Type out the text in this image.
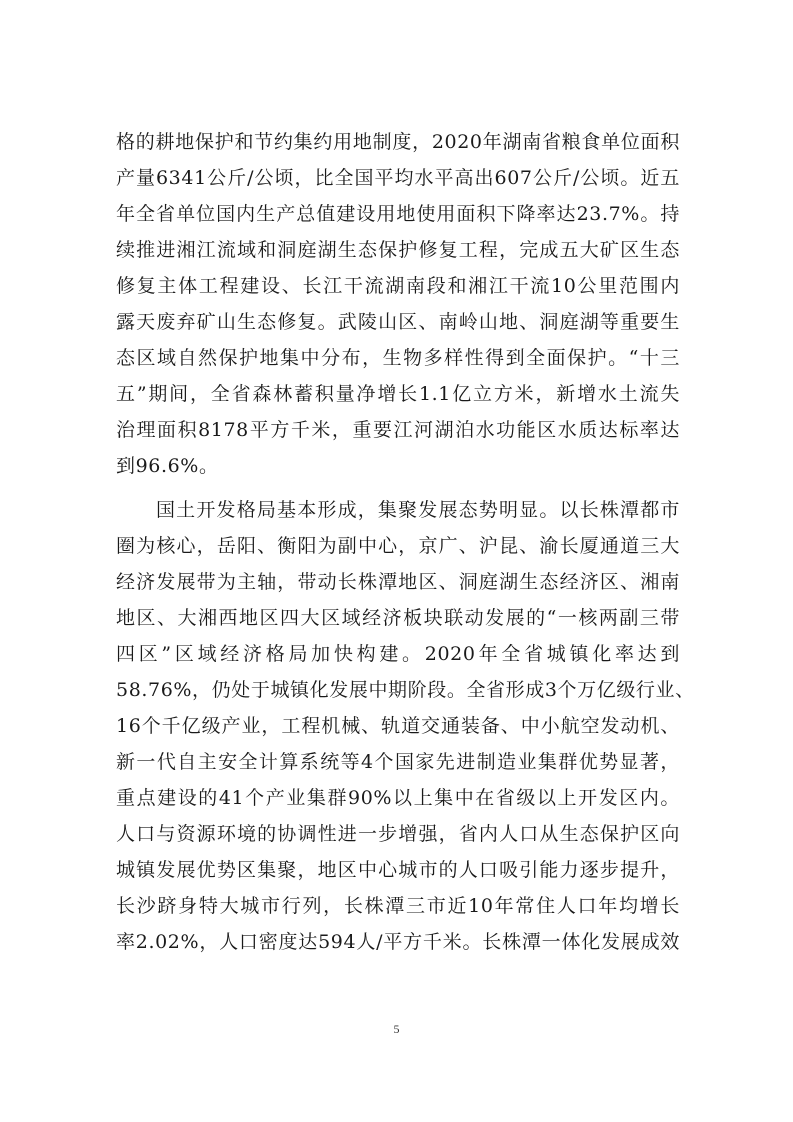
格的耕地保护和节约集约用地制度，2020年湖南省粮食单位面积
产量6341公斤/公顷，比全国平均水平高出607公斤/公顷。近五
年全省单位国内生产总值建设用地使用面积下降率达23.7%。持
续推进湘江流域和洞庭湖生态保护修复工程，完成五大矿区生态
修复主体工程建设、长江干流湖南段和湘江干流10公里范围内
露天废弃矿山生态修复。武陵山区、南岭山地、洞庭湖等重要生
态区域自然保护地集中分布，生物多样性得到全面保护。“十三
五”期间，全省森林蓄积量净增长1.1亿立方米，新增水土流失
治理面积8178平方千米，重要江河湖泊水功能区水质达标率达
到96.6%。
国土开发格局基本形成，集聚发展态势明显。以长株潭都市
圈为核心，岳阳、衡阳为副中心，京广、沪昆、渝长厦通道三大
经济发展带为主轴，带动长株潭地区、洞庭湖生态经济区、湘南
地区、大湘西地区四大区域经济板块联动发展的“一核两副三带
四区”区域经济格局加快构建。2020年全省城镇化率达到
58.76%，仍处于城镇化发展中期阶段。全省形成3个万亿级行业、
16个千亿级产业，工程机械、轨道交通装备、中小航空发动机、
新一代自主安全计算系统等4个国家先进制造业集群优势显著，
重点建设的41个产业集群90%以上集中在省级以上开发区内。
人口与资源环境的协调性进一步增强，省内人口从生态保护区向
城镇发展优势区集聚，地区中心城市的人口吸引能力逐步提升，
长沙跻身特大城市行列，长株潭三市近10年常住人口年均增长
率2.02%，人口密度达594人/平方千米。长株潭一体化发展成效
5
